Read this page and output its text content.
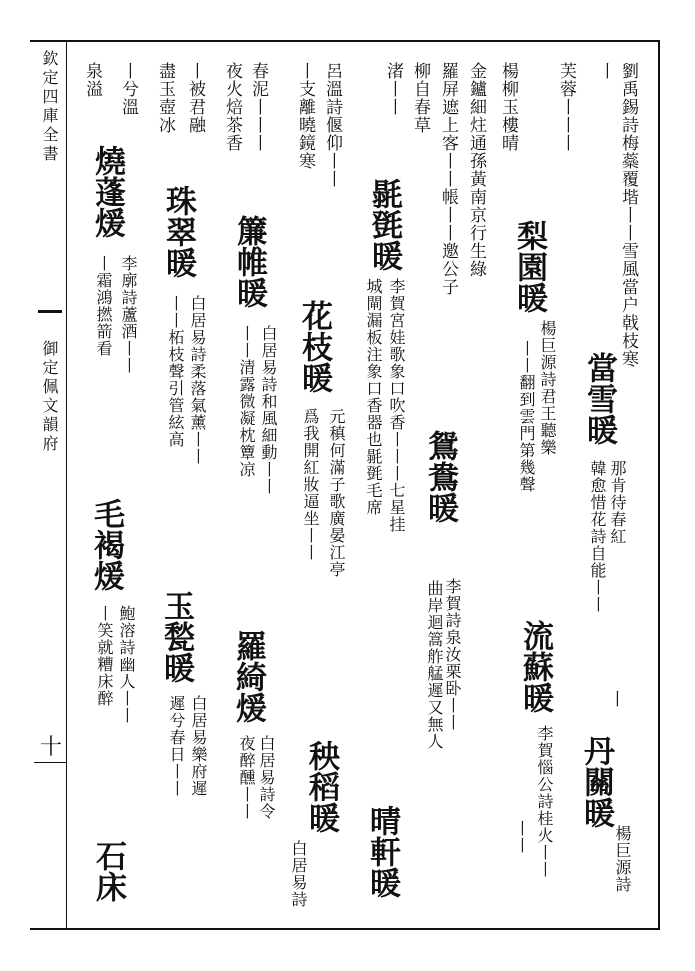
欽定四庫全書
御定佩文韻府
十
劉禹錫詩梅蘂覆堦丨丨雪風當户戟枝寒
丨
當雪暖
韓愈惜花詩自能丨丨
那肯待春紅
丨
丹關暖
楊巨源詩
芙蓉丨丨丨
楊柳玉樓晴
梨園暖
楊巨源詩君王聽樂
丨丨翻到雲門第幾聲
流蘇暖
李賀惱公詩桂火丨丨
丨丨
金鑪細炷通孫黃南京行生綠
羅屏遮上客丨丨帳丨丨邀公子
鴛鴦暖
李賀詩泉汝栗卧丨丨
曲岸迴篙舴艋遲又無人
柳自春草
渚丨丨
毾㲪暖
李賀宮娃歌象口吹香丨丨丨七星挂
城閘漏板注象口香器也毾㲪毛席
晴軒暖
呂溫詩偃仰丨丨
丨支離曉鏡寒
花枝暖
元稹何滿子歌廣晏江亭
爲我開紅妝逼坐丨丨
秧稻暖
白居易詩
春泥丨丨丨
夜火焙茶香
簾帷暖
白居易詩和風細動丨丨
丨丨清露微凝枕簟凉
羅綺煖
白居易詩令
夜醉醺丨丨
丨被君融
盡玉壺冰
珠翠暖
白居易詩柔落氣薰丨丨
丨丨柘枝聲引管絃高
玉甃暖
白居易樂府遲
遲兮春日丨丨
丨兮溫
泉溢
燒蓬煖
李廓詩蘆酒丨丨
丨霜鴻撚箭看
毛褐煖
鮑溶詩幽人丨丨
丨笑就糟床醉
石床
